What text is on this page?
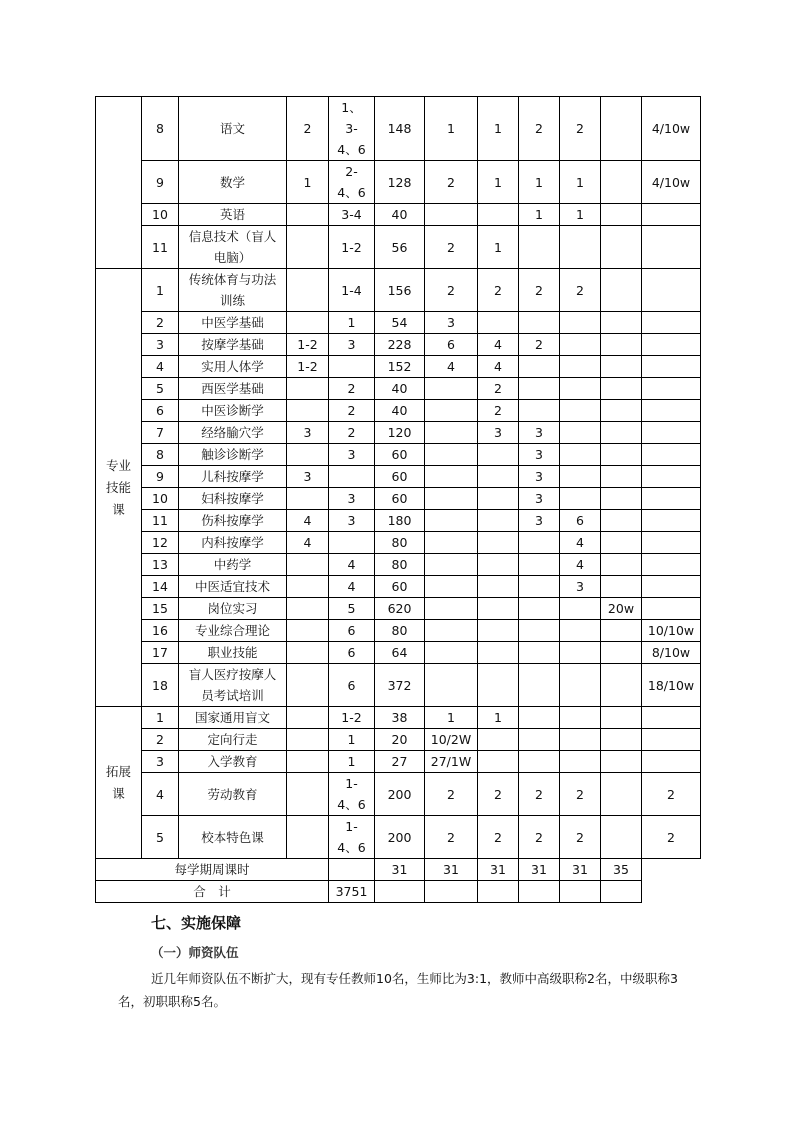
	8	语文	2	1、3-4、6	148	1	1	2	2		4/10w
	9	数学	1	2-4、6	128	2	1	1	1		4/10w
	10	英语		3-4	40			1	1		
	11	信息技术（盲人电脑）		1-2	56	2	1				
专业技能课	1	传统体育与功法训练		1-4	156	2	2	2	2		
	2	中医学基础		1	54	3					
	3	按摩学基础	1-2	3	228	6	4	2			
	4	实用人体学	1-2		152	4	4				
	5	西医学基础		2	40		2				
	6	中医诊断学		2	40		2				
	7	经络腧穴学	3	2	120		3	3			
	8	触诊诊断学		3	60			3			
	9	儿科按摩学	3		60			3			
	10	妇科按摩学		3	60			3			
	11	伤科按摩学	4	3	180			3	6		
	12	内科按摩学	4		80				4		
	13	中药学		4	80				4		
	14	中医适宜技术		4	60				3		
	15	岗位实习		5	620					20w	
	16	专业综合理论		6	80						10/10w
	17	职业技能		6	64						8/10w
	18	盲人医疗按摩人员考试培训		6	372						18/10w
拓展课	1	国家通用盲文		1-2	38	1	1				
	2	定向行走		1	20	10/2W					
	3	入学教育		1	27	27/1W					
	4	劳动教育		1-4、6	200	2	2	2	2		2
	5	校本特色课		1-4、6	200	2	2	2	2		2
每学期周课时					31	31	31	31	31	35	
合　计				3751							
七、实施保障
（一）师资队伍

近几年师资队伍不断扩大，现有专任教师10名，生师比为3:1，教师中高级职称2名，中级职称3名，初职职称5名。
